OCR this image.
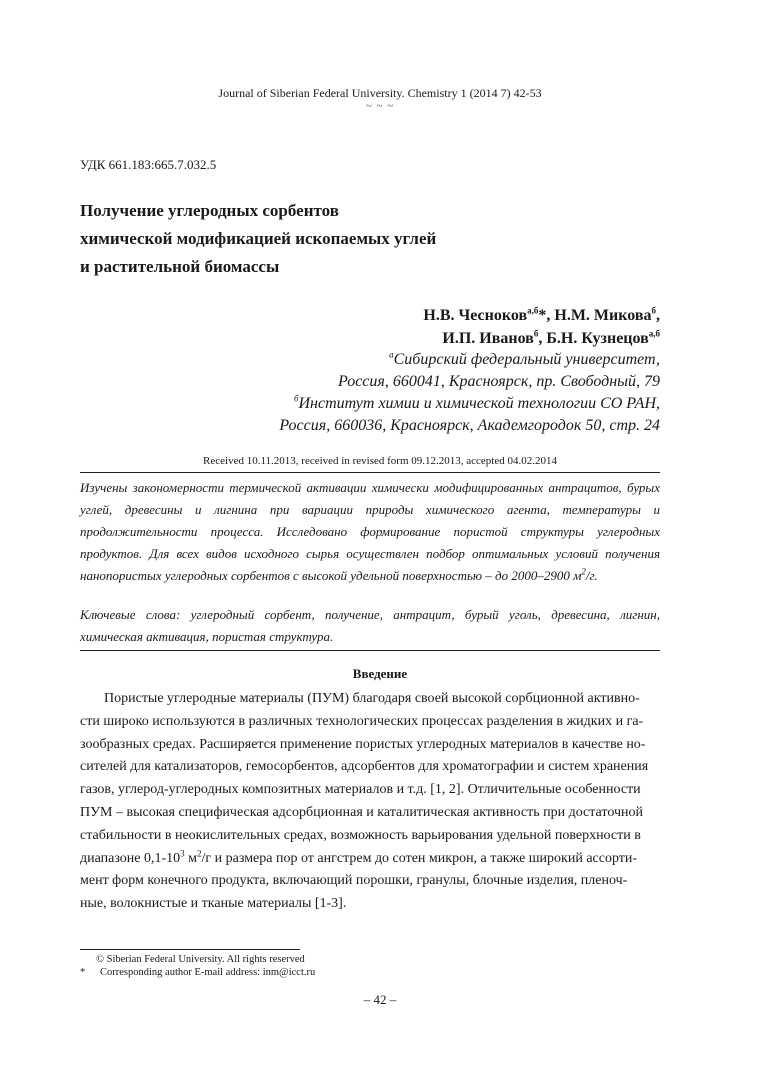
Journal of Siberian Federal University. Chemistry 1 (2014 7) 42-53
~ ~ ~
УДК 661.183:665.7.032.5
Получение углеродных сорбентов
химической модификацией ископаемых углей
и растительной биомассы
Н.В. Чесноков$^{а,б}$*, Н.М. Микова$^б$,
И.П. Иванов$^б$, Б.Н. Кузнецов$^{а,б}$
$^а$Сибирский федеральный университет,
Россия, 660041, Красноярск, пр. Свободный, 79
$^б$Институт химии и химической технологии СО РАН,
Россия, 660036, Красноярск, Академгородок 50, стр. 24
Received 10.11.2013, received in revised form 09.12.2013, accepted 04.02.2014
Изучены закономерности термической активации химически модифицированных антрацитов, бурых углей, древесины и лигнина при вариации природы химического агента, температуры и продолжительности процесса. Исследовано формирование пористой структуры углеродных продуктов. Для всех видов исходного сырья осуществлен подбор оптимальных условий получения нанопористых углеродных сорбентов с высокой удельной поверхностью – до 2000–2900 $м^2/г$.
Ключевые слова: углеродный сорбент, получение, антрацит, бурый уголь, древесина, лигнин, химическая активация, пористая структура.
Введение
Пористые углеродные материалы (ПУМ) благодаря своей высокой сорбционной активно-
сти широко используются в различных технологических процессах разделения в жидких и га-
зообразных средах. Расширяется применение пористых углеродных материалов в качестве но-
сителей для катализаторов, гемосорбентов, адсорбентов для хроматографии и систем хранения
газов, углерод-углеродных композитных материалов и т.д. [1, 2]. Отличительные особенности
ПУМ – высокая специфическая адсорбционная и каталитическая активность при достаточной
стабильности в неокислительных средах, возможность варьирования удельной поверхности в
диапазоне $0,1-10^3$ $м^2/г$ и размера пор от ангстрем до сотен микрон, а также широкий ассорти-
мент форм конечного продукта, включающий порошки, гранулы, блочные изделия, пленоч-
ные, волокнистые и тканые материалы [1-3].
© Siberian Federal University. All rights reserved
* Corresponding author E-mail address: inm@icct.ru
– 42 –
